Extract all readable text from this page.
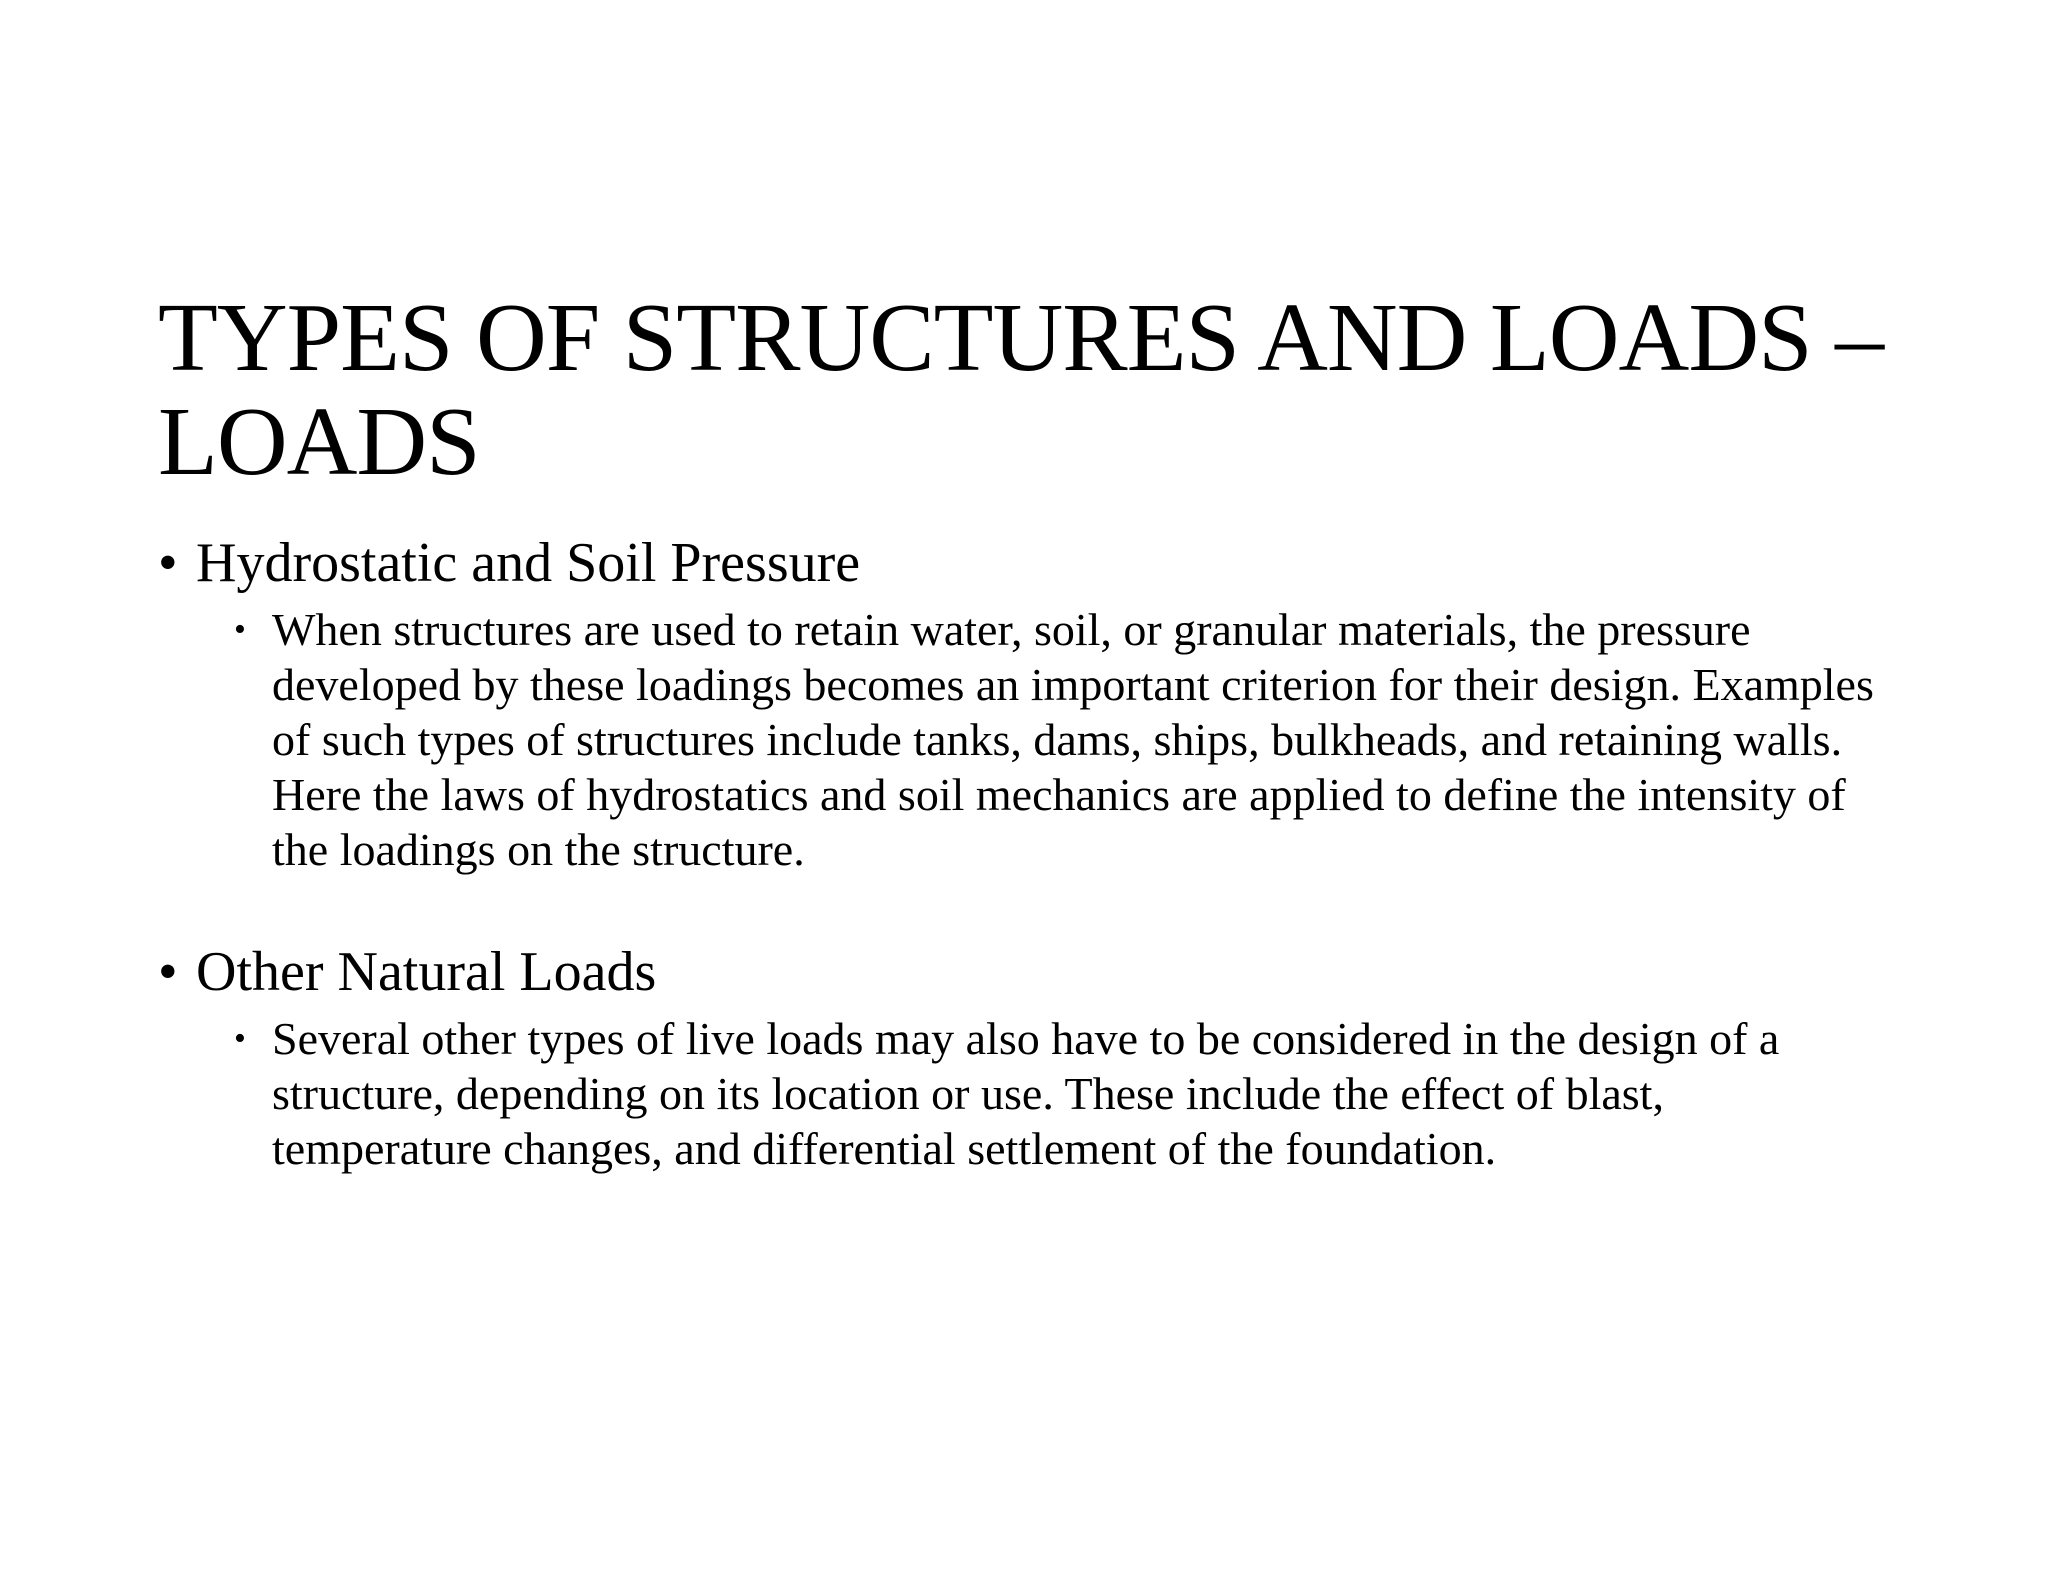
TYPES OF STRUCTURES AND LOADS – LOADS
• Hydrostatic and Soil Pressure
• When structures are used to retain water, soil, or granular materials, the pressure developed by these loadings becomes an important criterion for their design. Examples of such types of structures include tanks, dams, ships, bulkheads, and retaining walls. Here the laws of hydrostatics and soil mechanics are applied to define the intensity of the loadings on the structure.
• Other Natural Loads
• Several other types of live loads may also have to be considered in the design of a structure, depending on its location or use. These include the effect of blast, temperature changes, and differential settlement of the foundation.
